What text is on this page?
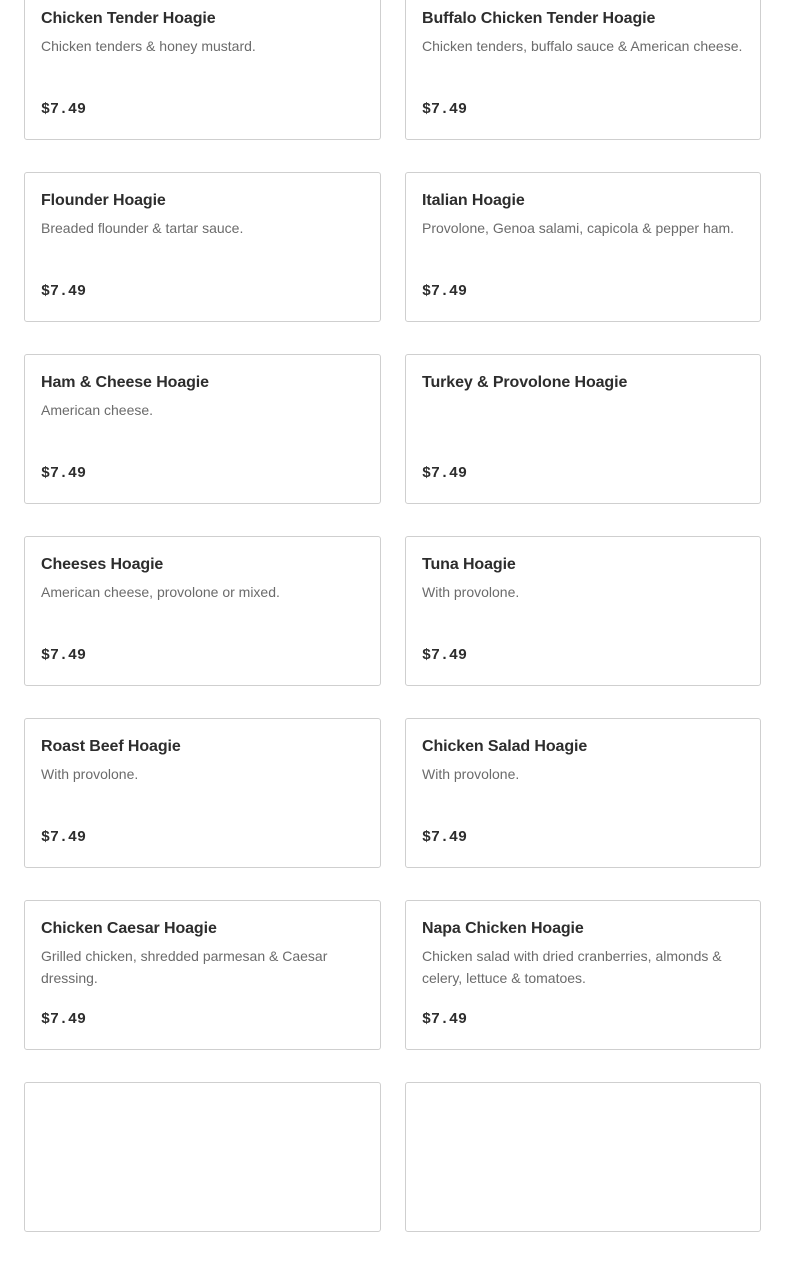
Chicken Tender Hoagie
Chicken tenders & honey mustard.
$7.49
Buffalo Chicken Tender Hoagie
Chicken tenders, buffalo sauce & American cheese.
$7.49
Flounder Hoagie
Breaded flounder & tartar sauce.
$7.49
Italian Hoagie
Provolone, Genoa salami, capicola & pepper ham.
$7.49
Ham & Cheese Hoagie
American cheese.
$7.49
Turkey & Provolone Hoagie
$7.49
Cheeses Hoagie
American cheese, provolone or mixed.
$7.49
Tuna Hoagie
With provolone.
$7.49
Roast Beef Hoagie
With provolone.
$7.49
Chicken Salad Hoagie
With provolone.
$7.49
Chicken Caesar Hoagie
Grilled chicken, shredded parmesan & Caesar dressing.
$7.49
Napa Chicken Hoagie
Chicken salad with dried cranberries, almonds & celery, lettuce & tomatoes.
$7.49
